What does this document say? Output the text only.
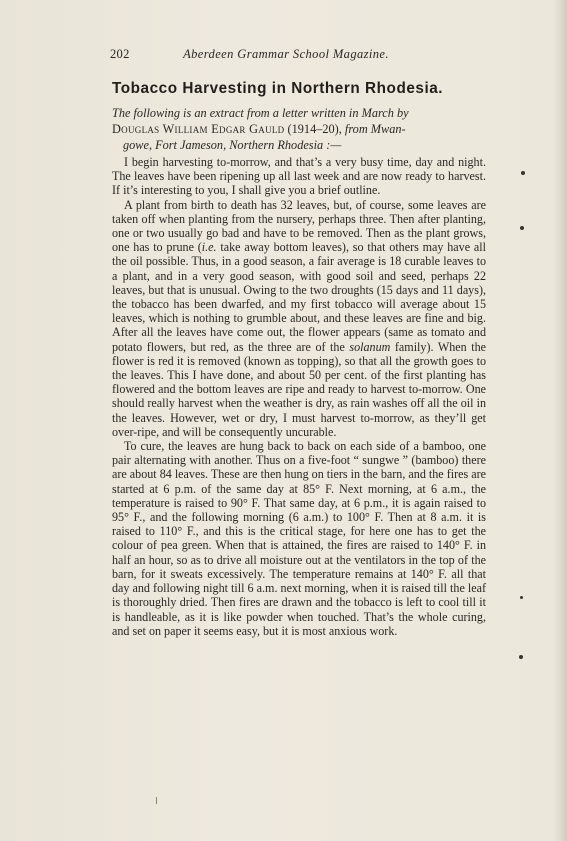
202	Aberdeen Grammar School Magazine.
Tobacco Harvesting in Northern Rhodesia.
The following is an extract from a letter written in March by
Douglas William Edgar Gauld (1914–20), from Mwan-
gowe, Fort Jameson, Northern Rhodesia :—

I begin harvesting to-morrow, and that’s a very busy time, day and night. The leaves have been ripening up all last week and are now ready to harvest. If it’s interesting to you, I shall give you a brief outline.

A plant from birth to death has 32 leaves, but, of course, some leaves are taken off when planting from the nursery, perhaps three. Then after planting, one or two usually go bad and have to be removed. Then as the plant grows, one has to prune (i.e. take away bottom leaves), so that others may have all the oil possible. Thus, in a good season, a fair average is 18 curable leaves to a plant, and in a very good season, with good soil and seed, perhaps 22 leaves, but that is unusual. Owing to the two droughts (15 days and 11 days), the tobacco has been dwarfed, and my first tobacco will average about 15 leaves, which is nothing to grumble about, and these leaves are fine and big. After all the leaves have come out, the flower appears (same as tomato and potato flowers, but red, as the three are of the solanum family). When the flower is red it is removed (known as topping), so that all the growth goes to the leaves. This I have done, and about 50 per cent. of the first planting has flowered and the bottom leaves are ripe and ready to harvest to-morrow. One should really harvest when the weather is dry, as rain washes off all the oil in the leaves. However, wet or dry, I must harvest to-morrow, as they’ll get over-ripe, and will be consequently uncurable.

To cure, the leaves are hung back to back on each side of a bamboo, one pair alternating with another. Thus on a five-foot “ sungwe ” (bamboo) there are about 84 leaves. These are then hung on tiers in the barn, and the fires are started at 6 p.m. of the same day at 85° F. Next morning, at 6 a.m., the temperature is raised to 90° F. That same day, at 6 p.m., it is again raised to 95° F., and the following morning (6 a.m.) to 100° F. Then at 8 a.m. it is raised to 110° F., and this is the critical stage, for here one has to get the colour of pea green. When that is attained, the fires are raised to 140° F. in half an hour, so as to drive all moisture out at the ventilators in the top of the barn, for it sweats excessively. The temperature remains at 140° F. all that day and following night till 6 a.m. next morning, when it is raised till the leaf is thoroughly dried. Then fires are drawn and the tobacco is left to cool till it is handleable, as it is like powder when touched. That’s the whole curing, and set on paper it seems easy, but it is most anxious work.
